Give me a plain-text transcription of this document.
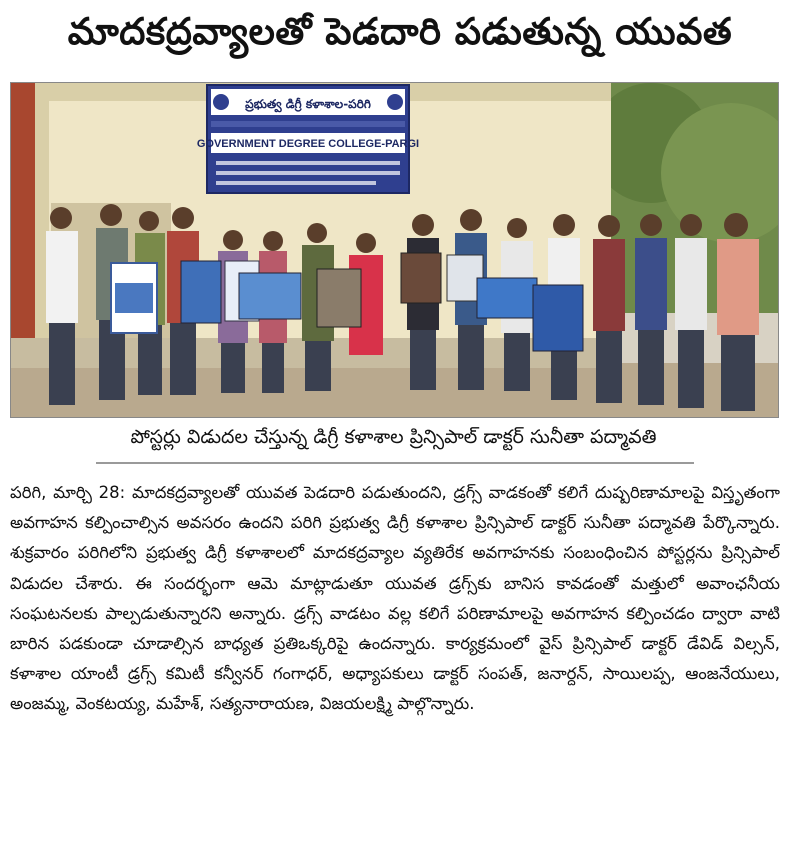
మాదకద్రవ్యాలతో పెడదారి పడుతున్న యువత
ప్రభుత్వ డిగ్రీ కళాశాల-పరిగి
GOVERNMENT DEGREE COLLEGE-PARGI
పోస్టర్లు విడుదల చేస్తున్న డిగ్రీ కళాశాల ప్రిన్సిపాల్ డాక్టర్ సునీతా పద్మావతి
పరిగి, మార్చి 28: మాదకద్రవ్యాలతో యువత పెడదారి పడుతుందని, డ్రగ్స్ వాడకంతో కలిగే దుష్పరిణామాలపై విస్తృతంగా అవగాహన కల్పించాల్సిన అవసరం ఉందని పరిగి ప్రభుత్వ డిగ్రీ కళాశాల ప్రిన్సిపాల్ డాక్టర్ సునీతా పద్మావతి పేర్కొన్నారు. శుక్రవారం పరిగిలోని ప్రభుత్వ డిగ్రీ కళాశాలలో మాదకద్రవ్యాల వ్యతిరేక అవగాహనకు సంబంధించిన పోస్టర్లను ప్రిన్సిపాల్ విడుదల చేశారు. ఈ సందర్భంగా ఆమె మాట్లాడుతూ యువత డ్రగ్స్‌కు బానిస కావడంతో మత్తులో అవాంఛనీయ సంఘటనలకు పాల్పడుతున్నారని అన్నారు. డ్రగ్స్ వాడటం వల్ల కలిగే పరిణామాలపై అవగాహన కల్పించడం ద్వారా వాటి బారిన పడకుండా చూడాల్సిన బాధ్యత ప్రతిఒక్కరిపై ఉందన్నారు. కార్యక్రమంలో వైస్ ప్రిన్సిపాల్ డాక్టర్ డేవిడ్ విల్సన్, కళాశాల యాంటీ డ్రగ్స్ కమిటీ కన్వీనర్ గంగాధర్, అధ్యాపకులు డాక్టర్ సంపత్, జనార్దన్, సాయిలప్ప, ఆంజనేయులు, అంజమ్మ, వెంకటయ్య, మహేశ్, సత్యనారాయణ, విజయలక్ష్మి పాల్గొన్నారు.
